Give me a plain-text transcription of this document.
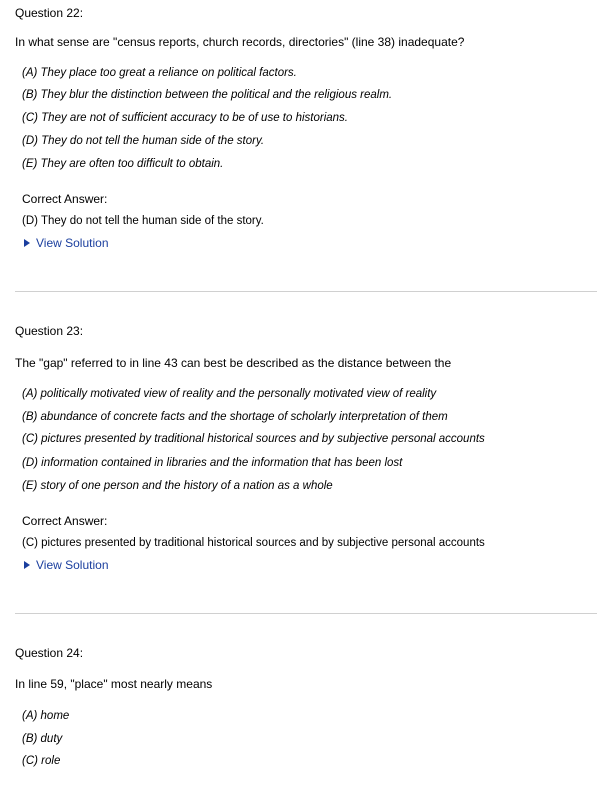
Question 22:
In what sense are "census reports, church records, directories" (line 38) inadequate?
(A) They place too great a reliance on political factors.
(B) They blur the distinction between the political and the religious realm.
(C) They are not of sufficient accuracy to be of use to historians.
(D) They do not tell the human side of the story.
(E) They are often too difficult to obtain.
Correct Answer:
(D) They do not tell the human side of the story.
View Solution
Question 23:
The "gap" referred to in line 43 can best be described as the distance between the
(A) politically motivated view of reality and the personally motivated view of reality
(B) abundance of concrete facts and the shortage of scholarly interpretation of them
(C) pictures presented by traditional historical sources and by subjective personal accounts
(D) information contained in libraries and the information that has been lost
(E) story of one person and the history of a nation as a whole
Correct Answer:
(C) pictures presented by traditional historical sources and by subjective personal accounts
View Solution
Question 24:
In line 59, "place" most nearly means
(A) home
(B) duty
(C) role
